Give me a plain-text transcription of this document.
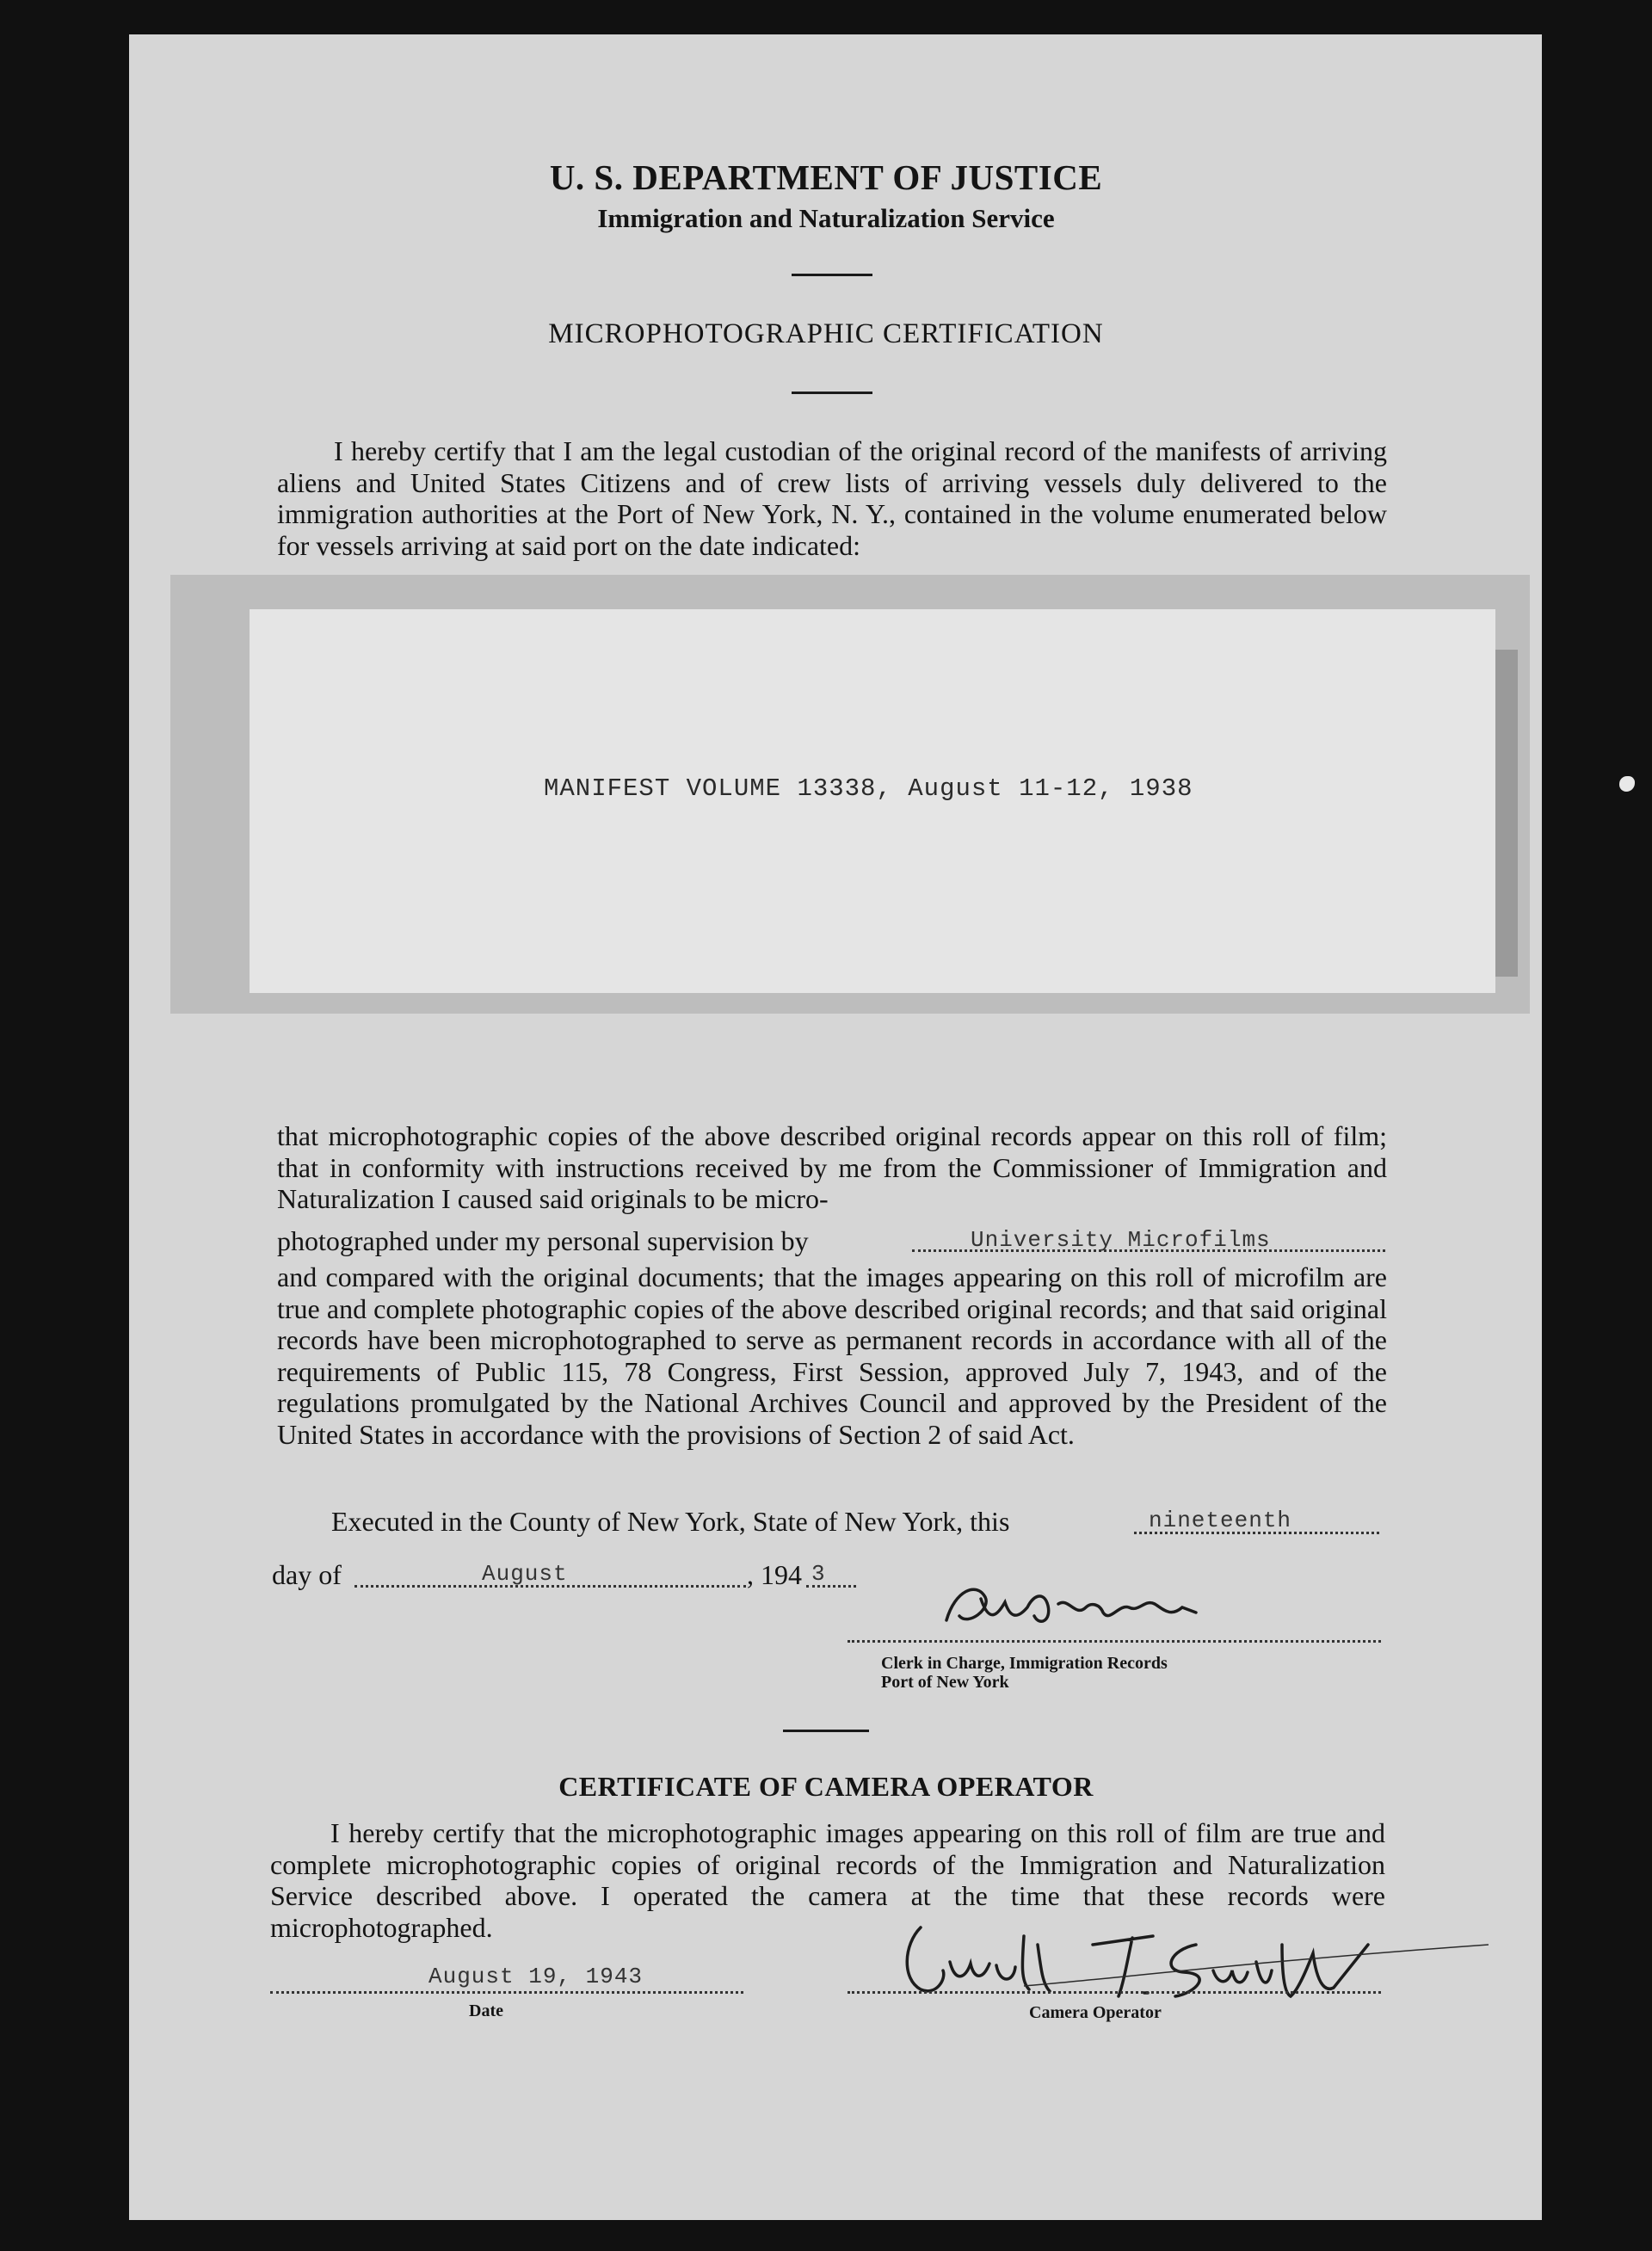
U. S. DEPARTMENT OF JUSTICE
Immigration and Naturalization Service
MICROPHOTOGRAPHIC CERTIFICATION
I hereby certify that I am the legal custodian of the original record of the manifests of arriving aliens and United States Citizens and of crew lists of arriving vessels duly delivered to the immigration authorities at the Port of New York, N. Y., contained in the volume enumerated below for vessels arriving at said port on the date indicated:
MANIFEST VOLUME 13338, August 11-12, 1938
that microphotographic copies of the above described original records appear on this roll of film; that in conformity with instructions received by me from the Commissioner of Immigration and Naturalization I caused said originals to be micro-
photographed under my personal supervision by	University Microfilms
and compared with the original documents; that the images appearing on this roll of microfilm are true and complete photographic copies of the above described original records; and that said original records have been microphotographed to serve as permanent records in accordance with all of the requirements of Public 115, 78 Congress, First Session, approved July 7, 1943, and of the regulations promulgated by the National Archives Council and approved by the President of the United States in accordance with the provisions of Section 2 of said Act.
Executed in the County of New York, State of New York, this	nineteenth
day of	August	, 194 3
Clerk in Charge, Immigration Records
Port of New York
CERTIFICATE OF CAMERA OPERATOR
I hereby certify that the microphotographic images appearing on this roll of film are true and complete microphotographic copies of original records of the Immigration and Naturalization Service described above. I operated the camera at the time that these records were microphotographed.
August 19, 1943
Date	Camera Operator
